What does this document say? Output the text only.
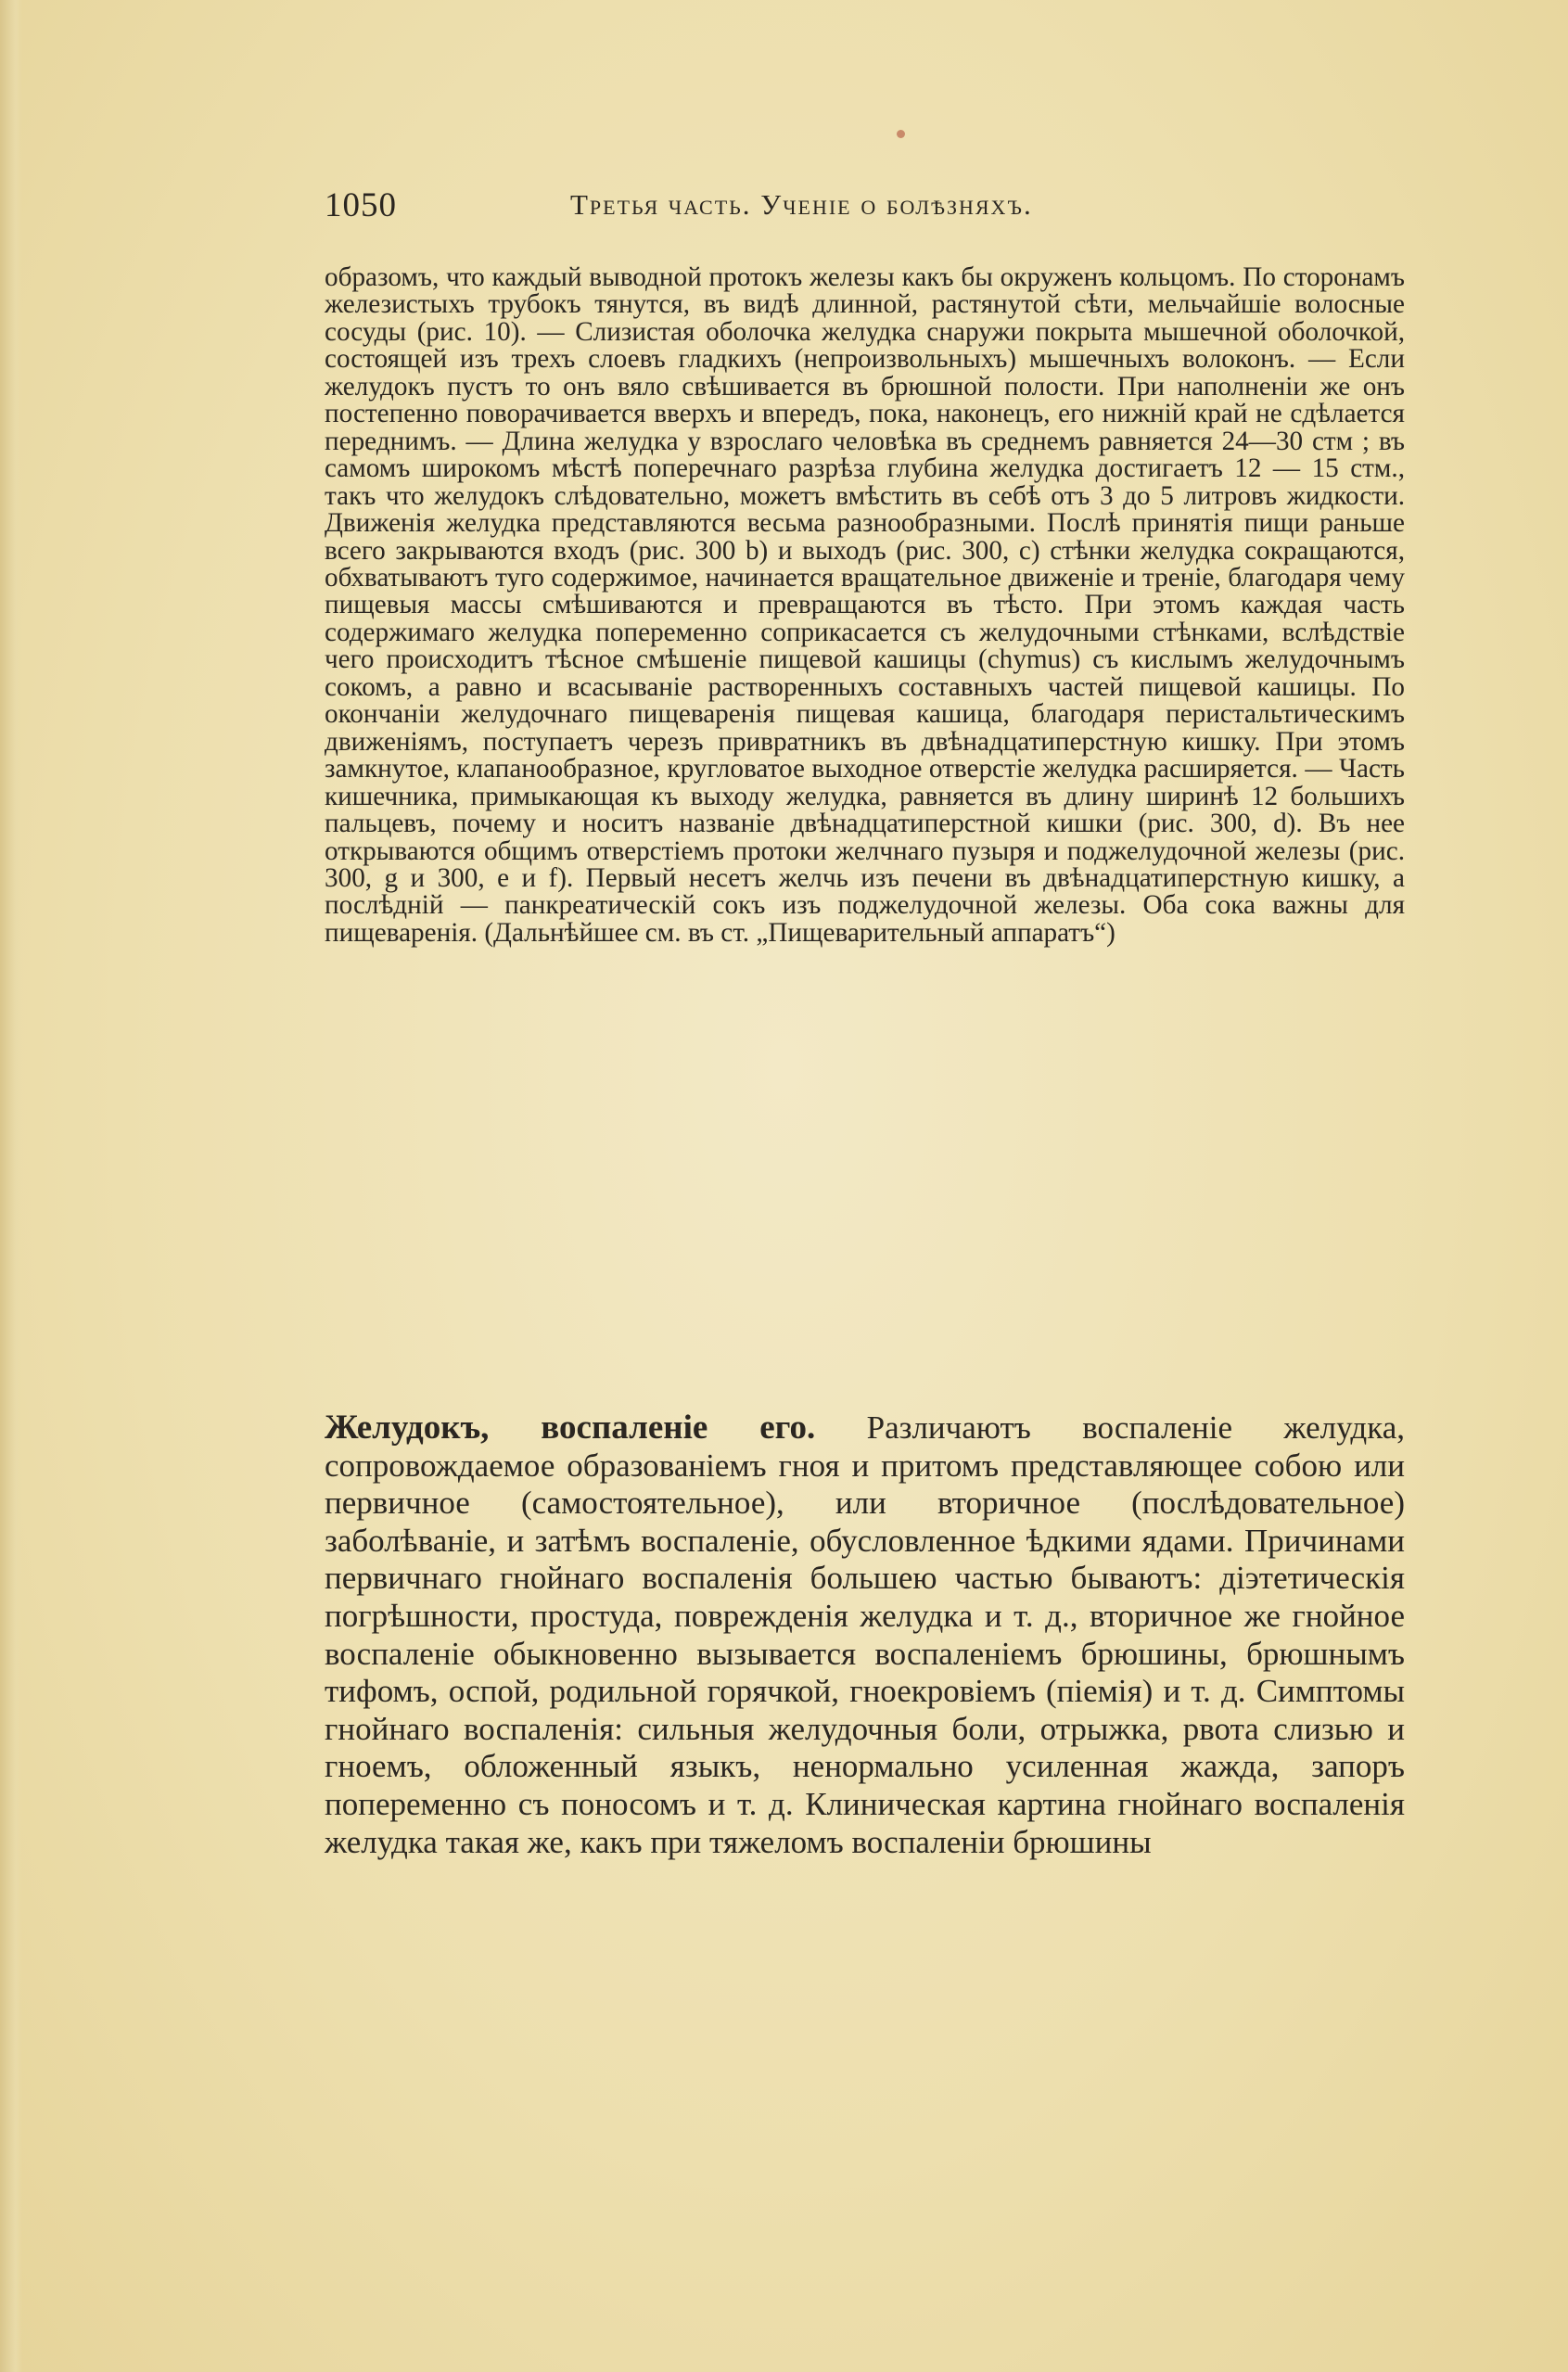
1050	Третья часть. Ученіе о болѣзняхъ.

образомъ, что каждый выводной протокъ железы какъ бы окруженъ кольцомъ. По сторонамъ железистыхъ трубокъ тянутся, въ видѣ длинной, растянутой сѣти, мельчайшіе волосные сосуды (рис. 10). — Слизистая оболочка желудка снаружи покрыта мышечной оболочкой, состоящей изъ трехъ слоевъ гладкихъ (непроизвольныхъ) мышечныхъ волоконъ. — Если желудокъ пустъ то онъ вяло свѣшивается въ брюшной полости. При наполненіи же онъ постепенно поворачивается вверхъ и впередъ, пока, наконецъ, его нижній край не сдѣлается переднимъ. — Длина желудка у взрослаго человѣка въ среднемъ равняется 24—30 стм ; въ самомъ широкомъ мѣстѣ поперечнаго разрѣза глубина желудка достигаетъ 12 — 15 стм., такъ что желудокъ слѣдовательно, можетъ вмѣстить въ себѣ отъ 3 до 5 литровъ жидкости. Движенія желудка представляются весьма разнообразными. Послѣ принятія пищи раньше всего закрываются входъ (рис. 300 b) и выходъ (рис. 300, c) стѣнки желудка сокращаются, обхватываютъ туго содержимое, начинается вращательное движеніе и треніе, благодаря чему пищевыя массы смѣшиваются и превращаются въ тѣсто. При этомъ каждая часть содержимаго желудка попеременно соприкасается съ желудочными стѣнками, вслѣдствіе чего происходитъ тѣсное смѣшеніе пищевой кашицы (chymus) съ кислымъ желудочнымъ сокомъ, а равно и всасываніе растворенныхъ составныхъ частей пищевой кашицы. По окончаніи желудочнаго пищеваренія пищевая кашица, благодаря перистальтическимъ движеніямъ, поступаетъ черезъ привратникъ въ двѣнадцатиперстную кишку. При этомъ замкнутое, клапанообразное, кругловатое выходное отверстіе желудка расширяется. — Часть кишечника, примыкающая къ выходу желудка, равняется въ длину ширинѣ 12 большихъ пальцевъ, почему и носитъ названіе двѣнадцатиперстной кишки (рис. 300, d). Въ нее открываются общимъ отверстіемъ протоки желчнаго пузыря и поджелудочной железы (рис. 300, g и 300, e и f). Первый несетъ желчь изъ печени въ двѣнадцатиперстную кишку, а послѣдній — панкреатическій сокъ изъ поджелудочной железы. Оба сока важны для пищеваренія. (Дальнѣйшее см. въ ст. „Пищеварительный аппаратъ“)

Желудокъ, воспаленіе его. Различаютъ воспаленіе желудка, сопровождаемое образованіемъ гноя и притомъ представляющее собою или первичное (самостоятельное), или вторичное (послѣдовательное) заболѣваніе, и затѣмъ воспаленіе, обусловленное ѣдкими ядами. Причинами первичнаго гнойнаго воспаленія большею частью бываютъ: діэтетическія погрѣшности, простуда, поврежденія желудка и т. д., вторичное же гнойное воспаленіе обыкновенно вызывается воспаленіемъ брюшины, брюшнымъ тифомъ, оспой, родильной горячкой, гноекровіемъ (піемія) и т. д. Симптомы гнойнаго воспаленія: сильныя желудочныя боли, отрыжка, рвота слизью и гноемъ, обложенный языкъ, ненормально усиленная жажда, запоръ попеременно съ поносомъ и т. д. Клиническая картина гнойнаго воспаленія желудка такая же, какъ при тяжеломъ воспаленіи брюшины
